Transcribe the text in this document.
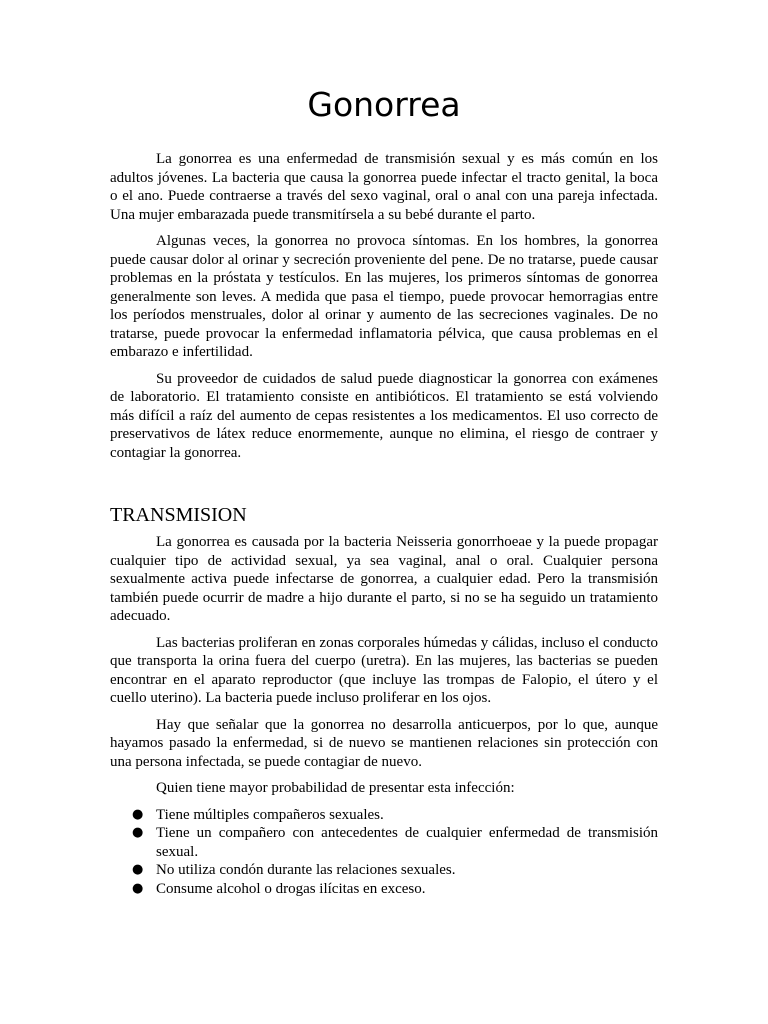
Gonorrea

La gonorrea es una enfermedad de transmisión sexual y es más común en los adultos jóvenes. La bacteria que causa la gonorrea puede infectar el tracto genital, la boca o el ano. Puede contraerse a través del sexo vaginal, oral o anal con una pareja infectada. Una mujer embarazada puede transmitírsela a su bebé durante el parto.

Algunas veces, la gonorrea no provoca síntomas. En los hombres, la gonorrea puede causar dolor al orinar y secreción proveniente del pene. De no tratarse, puede causar problemas en la próstata y testículos. En las mujeres, los primeros síntomas de gonorrea generalmente son leves. A medida que pasa el tiempo, puede provocar hemorragias entre los períodos menstruales, dolor al orinar y aumento de las secreciones vaginales. De no tratarse, puede provocar la enfermedad inflamatoria pélvica, que causa problemas en el embarazo e infertilidad.

Su proveedor de cuidados de salud puede diagnosticar la gonorrea con exámenes de laboratorio. El tratamiento consiste en antibióticos. El tratamiento se está volviendo más difícil a raíz del aumento de cepas resistentes a los medicamentos. El uso correcto de preservativos de látex reduce enormemente, aunque no elimina, el riesgo de contraer y contagiar la gonorrea.

TRANSMISION

La gonorrea es causada por la bacteria Neisseria gonorrhoeae y la puede propagar cualquier tipo de actividad sexual, ya sea vaginal, anal o oral. Cualquier persona sexualmente activa puede infectarse de gonorrea, a cualquier edad. Pero la transmisión también puede ocurrir de madre a hijo durante el parto, si no se ha seguido un tratamiento adecuado.

Las bacterias proliferan en zonas corporales húmedas y cálidas, incluso el conducto que transporta la orina fuera del cuerpo (uretra). En las mujeres, las bacterias se pueden encontrar en el aparato reproductor (que incluye las trompas de Falopio, el útero y el cuello uterino). La bacteria puede incluso proliferar en los ojos.

Hay que señalar que la gonorrea no desarrolla anticuerpos, por lo que, aunque hayamos pasado la enfermedad, si de nuevo se mantienen relaciones sin protección con una persona infectada, se puede contagiar de nuevo.

Quien tiene mayor probabilidad de presentar esta infección:

● Tiene múltiples compañeros sexuales.
● Tiene un compañero con antecedentes de cualquier enfermedad de transmisión sexual.
● No utiliza condón durante las relaciones sexuales.
● Consume alcohol o drogas ilícitas en exceso.
